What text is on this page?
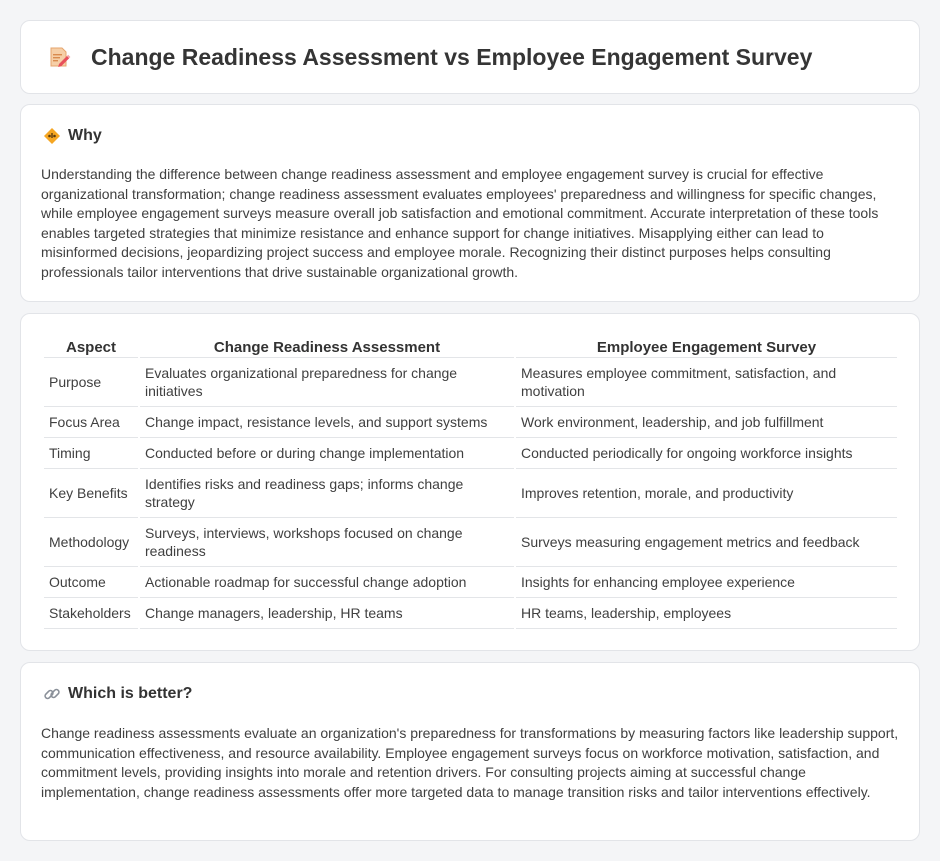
Change Readiness Assessment vs Employee Engagement Survey
Why

Understanding the difference between change readiness assessment and employee engagement survey is crucial for effective organizational transformation; change readiness assessment evaluates employees' preparedness and willingness for specific changes, while employee engagement surveys measure overall job satisfaction and emotional commitment. Accurate interpretation of these tools enables targeted strategies that minimize resistance and enhance support for change initiatives. Misapplying either can lead to misinformed decisions, jeopardizing project success and employee morale. Recognizing their distinct purposes helps consulting professionals tailor interventions that drive sustainable organizational growth.

Aspect	Change Readiness Assessment	Employee Engagement Survey
Purpose	Evaluates organizational preparedness for change initiatives	Measures employee commitment, satisfaction, and motivation
Focus Area	Change impact, resistance levels, and support systems	Work environment, leadership, and job fulfillment
Timing	Conducted before or during change implementation	Conducted periodically for ongoing workforce insights
Key Benefits	Identifies risks and readiness gaps; informs change strategy	Improves retention, morale, and productivity
Methodology	Surveys, interviews, workshops focused on change readiness	Surveys measuring engagement metrics and feedback
Outcome	Actionable roadmap for successful change adoption	Insights for enhancing employee experience
Stakeholders	Change managers, leadership, HR teams	HR teams, leadership, employees
Which is better?

Change readiness assessments evaluate an organization's preparedness for transformations by measuring factors like leadership support, communication effectiveness, and resource availability. Employee engagement surveys focus on workforce motivation, satisfaction, and commitment levels, providing insights into morale and retention drivers. For consulting projects aiming at successful change implementation, change readiness assessments offer more targeted data to manage transition risks and tailor interventions effectively.
